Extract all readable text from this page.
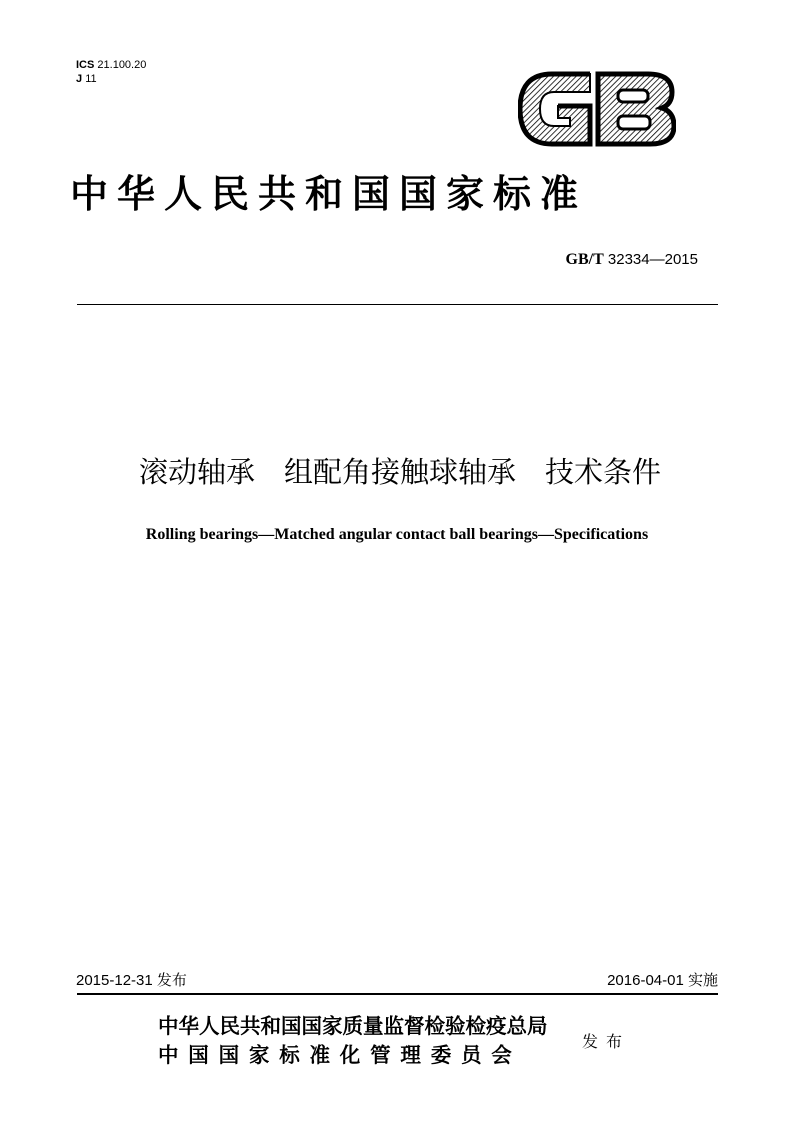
ICS 21.100.20
J 11
中华人民共和国国家标准
GB/T 32334—2015
滚动轴承　组配角接触球轴承　技术条件
Rolling bearings—Matched angular contact ball bearings—Specifications
2015-12-31 发布	2016-04-01 实施
中华人民共和国国家质量监督检验检疫总局
中国国家标准化管理委员会
发布
